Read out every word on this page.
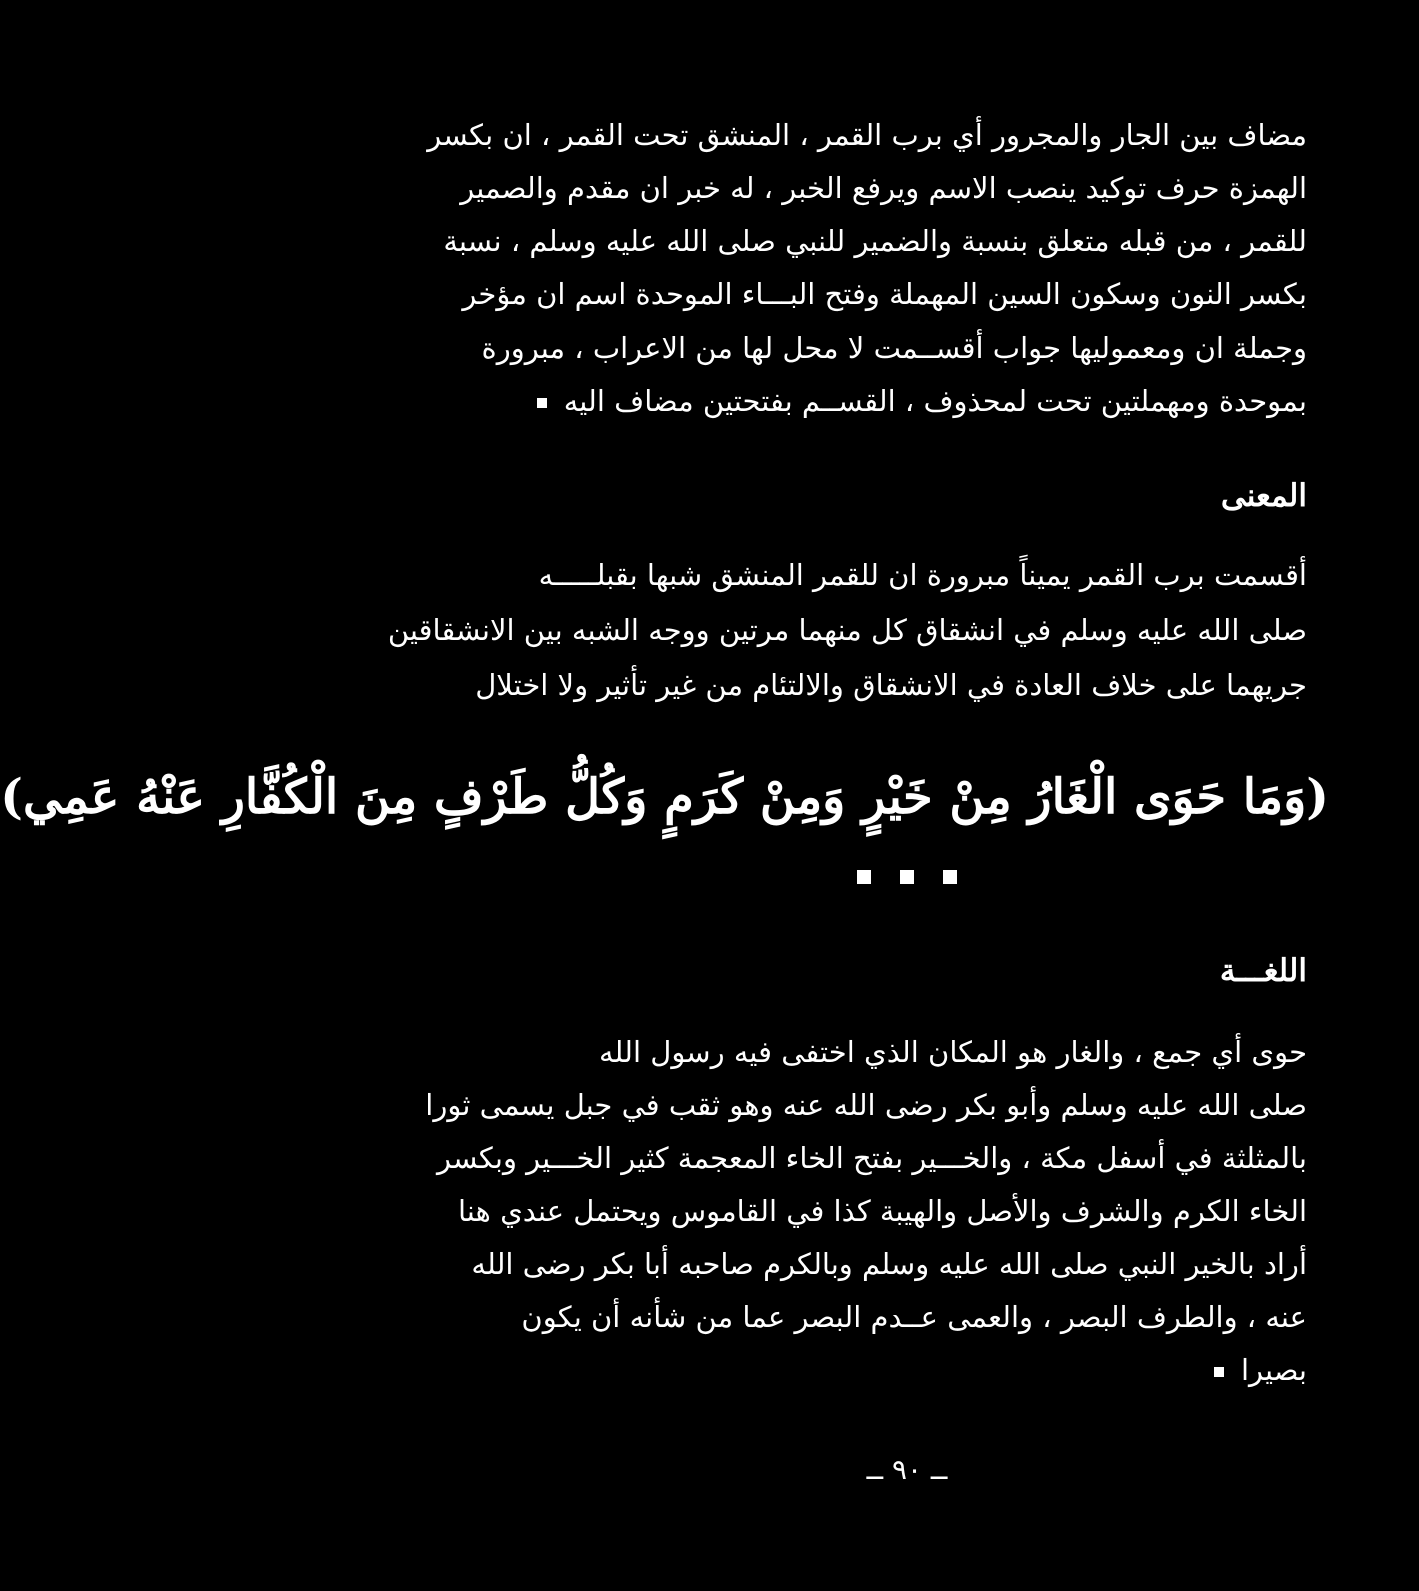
مضاف بين الجار والمجرور أي برب القمر ، المنشق تحت القمر ، ان بكسر
الهمزة حرف توكيد ينصب الاسم ويرفع الخبر ، له خبر ان مقدم والصمير
للقمر ، من قبله متعلق بنسبة والضمير للنبي صلى الله عليه وسلم ، نسبة
بكسر النون وسكون السين المهملة وفتح البـــاء الموحدة اسم ان مؤخر
وجملة ان ومعموليها جواب أقســمت لا محل لها من الاعراب ، مبرورة
بموحدة ومهملتين تحت لمحذوف ، القســم بفتحتين مضاف اليه
المعنى
أقسمت برب القمر يميناً مبرورة ان للقمر المنشق شبها بقبلـــــه
صلى الله عليه وسلم في انشقاق كل منهما مرتين ووجه الشبه بين الانشقاقين
جريهما على خلاف العادة في الانشقاق والالتئام من غير تأثير ولا اختلال
(وَمَا حَوَى الْغَارُ مِنْ خَيْرٍ وَمِنْ كَرَمٍ وَكُلُّ طَرْفٍ مِنَ الْكُفَّارِ عَنْهُ عَمِي)
اللغـــة
حوى أي جمع ، والغار هو المكان الذي اختفى فيه رسول الله
صلى الله عليه وسلم وأبو بكر رضى الله عنه وهو ثقب في جبل يسمى ثورا
بالمثلثة في أسفل مكة ، والخـــير بفتح الخاء المعجمة كثير الخـــير وبكسر
الخاء الكرم والشرف والأصل والهيبة كذا في القاموس ويحتمل عندي هنا
أراد بالخير النبي صلى الله عليه وسلم وبالكرم صاحبه أبا بكر رضى الله
عنه ، والطرف البصر ، والعمى عــدم البصر عما من شأنه أن يكون
بصيرا
ــ ٩٠ ــ
